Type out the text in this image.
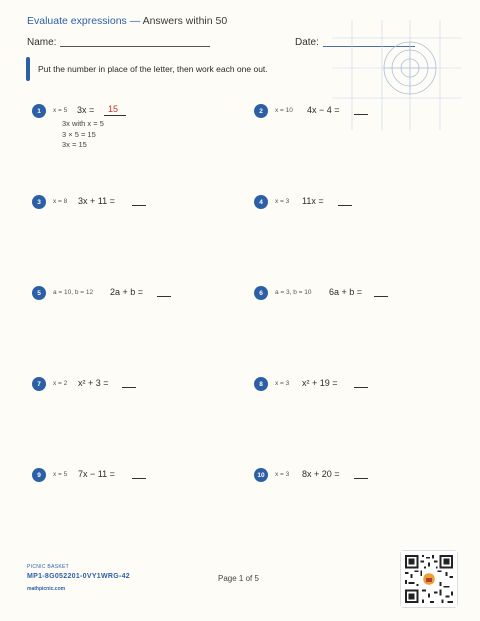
Evaluate expressions — Answers within 50
Name:	Date:
Put the number in place of the letter, then work each one out.
1	x = 5 3x = 15
3x with x = 5
3 × 5 = 15
3x = 15
2	x = 10 4x − 4 =
3	x = 8 3x + 11 =	4	x = 3 11x =
5	a = 10, b = 12 2a + b =	6	a = 3, b = 10 6a + b =
7	x = 2 x² + 3 =	8	x = 3 x² + 19 =
9	x = 5 7x − 11 =	10	x = 3 8x + 20 =
PICNIC BASKET
MP1-8G052201-0VY1WRG-42
mathpicnic.com
Page 1 of 5
